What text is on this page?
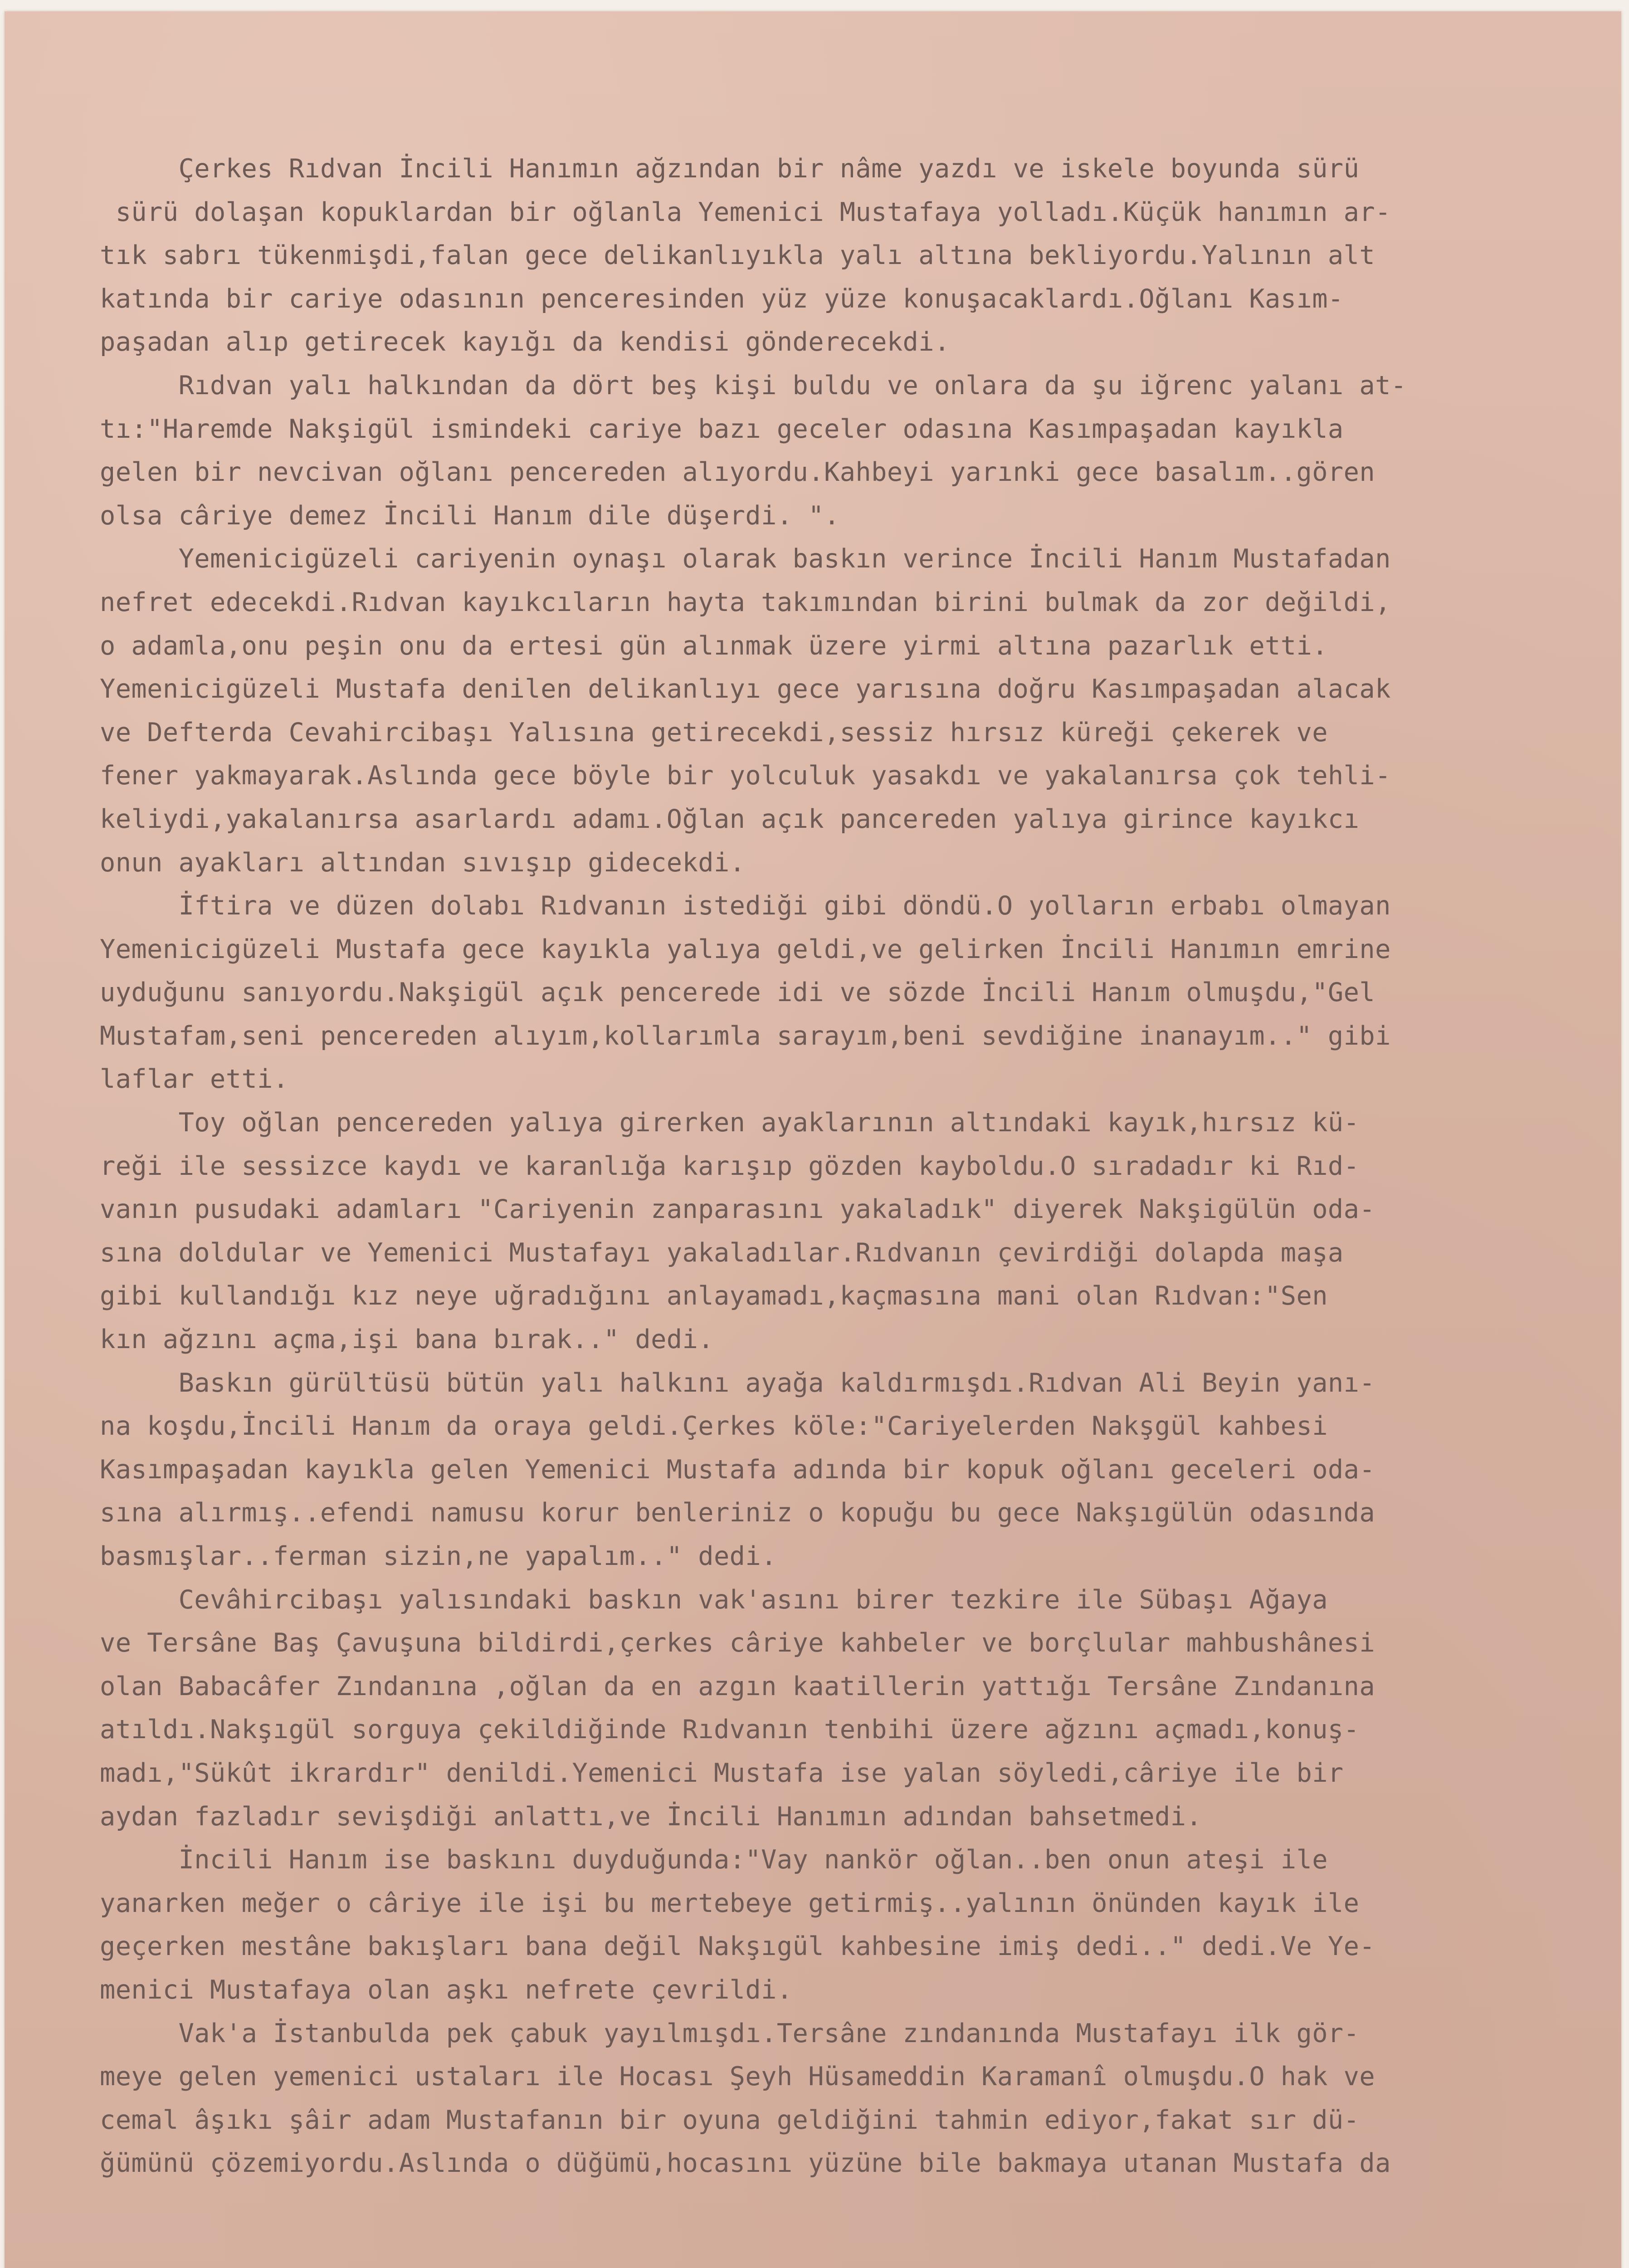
Çerkes Rıdvan İncili Hanımın ağzından bir nâme yazdı ve iskele boyunda sürü
sürü dolaşan kopuklardan bir oğlanla Yemenici Mustafaya yolladı.Küçük hanımın ar-
tık sabrı tükenmişdi,falan gece delikanlıyıkla yalı altına bekliyordu.Yalının alt
katında bir cariye odasının penceresinden yüz yüze konuşacaklardı.Oğlanı Kasım-
paşadan alıp getirecek kayığı da kendisi gönderecekdi.
Rıdvan yalı halkından da dört beş kişi buldu ve onlara da şu iğrenc yalanı at-
tı:"Haremde Nakşigül ismindeki cariye bazı geceler odasına Kasımpaşadan kayıkla
gelen bir nevcivan oğlanı pencereden alıyordu.Kahbeyi yarınki gece basalım..gören
olsa câriye demez İncili Hanım dile düşerdi. ".
Yemenicigüzeli cariyenin oynaşı olarak baskın verince İncili Hanım Mustafadan
nefret edecekdi.Rıdvan kayıkcıların hayta takımından birini bulmak da zor değildi,
o adamla,onu peşin onu da ertesi gün alınmak üzere yirmi altına pazarlık etti.
Yemenicigüzeli Mustafa denilen delikanlıyı gece yarısına doğru Kasımpaşadan alacak
ve Defterda Cevahircibaşı Yalısına getirecekdi,sessiz hırsız küreği çekerek ve
fener yakmayarak.Aslında gece böyle bir yolculuk yasakdı ve yakalanırsa çok tehli-
keliydi,yakalanırsa asarlardı adamı.Oğlan açık pancereden yalıya girince kayıkcı
onun ayakları altından sıvışıp gidecekdi.
İftira ve düzen dolabı Rıdvanın istediği gibi döndü.O yolların erbabı olmayan
Yemenicigüzeli Mustafa gece kayıkla yalıya geldi,ve gelirken İncili Hanımın emrine
uyduğunu sanıyordu.Nakşigül açık pencerede idi ve sözde İncili Hanım olmuşdu,"Gel
Mustafam,seni pencereden alıyım,kollarımla sarayım,beni sevdiğine inanayım.." gibi
laflar etti.
Toy oğlan pencereden yalıya girerken ayaklarının altındaki kayık,hırsız kü-
reği ile sessizce kaydı ve karanlığa karışıp gözden kayboldu.O sıradadır ki Rıd-
vanın pusudaki adamları "Cariyenin zanparasını yakaladık" diyerek Nakşigülün oda-
sına doldular ve Yemenici Mustafayı yakaladılar.Rıdvanın çevirdiği dolapda maşa
gibi kullandığı kız neye uğradığını anlayamadı,kaçmasına mani olan Rıdvan:"Sen
kın ağzını açma,işi bana bırak.." dedi.
Baskın gürültüsü bütün yalı halkını ayağa kaldırmışdı.Rıdvan Ali Beyin yanı-
na koşdu,İncili Hanım da oraya geldi.Çerkes köle:"Cariyelerden Nakşgül kahbesi
Kasımpaşadan kayıkla gelen Yemenici Mustafa adında bir kopuk oğlanı geceleri oda-
sına alırmış..efendi namusu korur benleriniz o kopuğu bu gece Nakşıgülün odasında
basmışlar..ferman sizin,ne yapalım.." dedi.
Cevâhircibaşı yalısındaki baskın vak'asını birer tezkire ile Sübaşı Ağaya
ve Tersâne Baş Çavuşuna bildirdi,çerkes câriye kahbeler ve borçlular mahbushânesi
olan Babacâfer Zındanına ,oğlan da en azgın kaatillerin yattığı Tersâne Zındanına
atıldı.Nakşıgül sorguya çekildiğinde Rıdvanın tenbihi üzere ağzını açmadı,konuş-
madı,"Sükût ikrardır" denildi.Yemenici Mustafa ise yalan söyledi,câriye ile bir
aydan fazladır sevişdiği anlattı,ve İncili Hanımın adından bahsetmedi.
İncili Hanım ise baskını duyduğunda:"Vay nankör oğlan..ben onun ateşi ile
yanarken meğer o câriye ile işi bu mertebeye getirmiş..yalının önünden kayık ile
geçerken mestâne bakışları bana değil Nakşıgül kahbesine imiş dedi.." dedi.Ve Ye-
menici Mustafaya olan aşkı nefrete çevrildi.
Vak'a İstanbulda pek çabuk yayılmışdı.Tersâne zındanında Mustafayı ilk gör-
meye gelen yemenici ustaları ile Hocası Şeyh Hüsameddin Karamanî olmuşdu.O hak ve
cemal âşıkı şâir adam Mustafanın bir oyuna geldiğini tahmin ediyor,fakat sır dü-
ğümünü çözemiyordu.Aslında o düğümü,hocasını yüzüne bile bakmaya utanan Mustafa da
